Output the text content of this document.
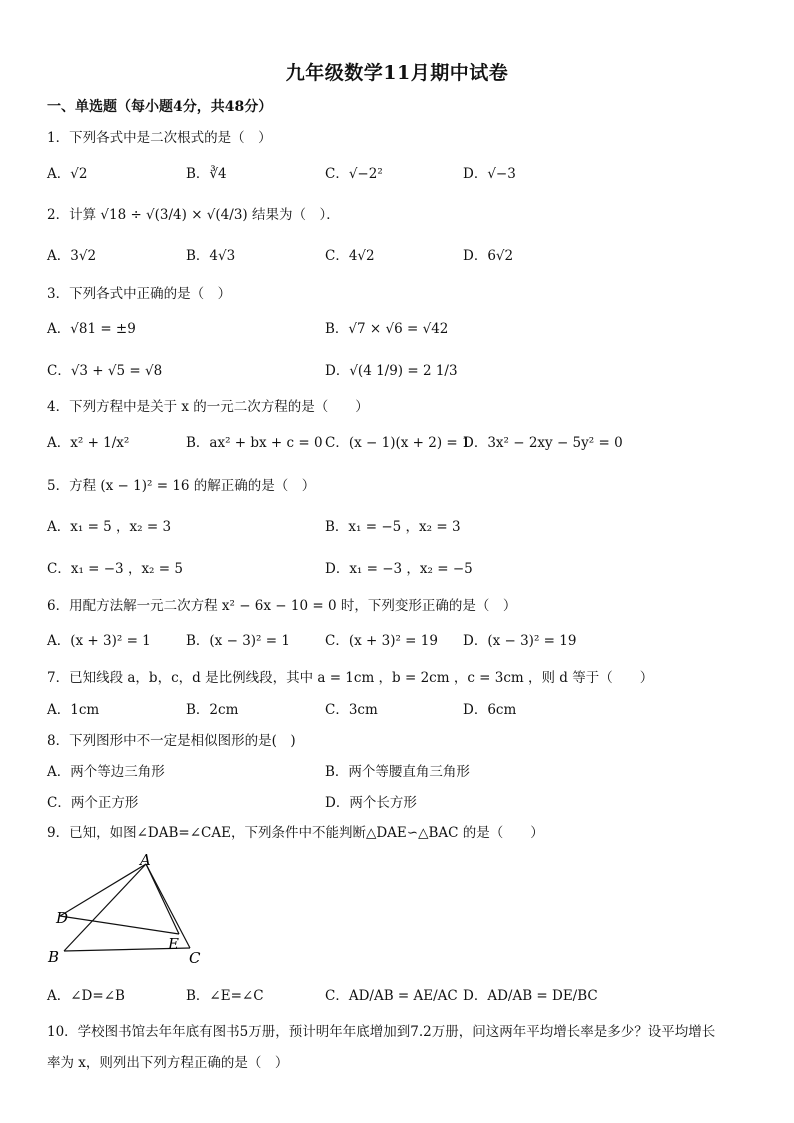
九年级数学11月期中试卷
一、单选题（每小题4分，共48分）
1．下列各式中是二次根式的是（　）
A．√2	B．∛4	C．√−2²	D．√−3
2．计算 √18 ÷ √(3/4) × √(4/3) 结果为（　）．
A．3√2	B．4√3	C．4√2	D．6√2
3．下列各式中正确的是（　）
A．√81 = ±9	B．√7 × √6 = √42
C．√3 + √5 = √8	D．√(4 1/9) = 2 1/3
4．下列方程中是关于 x 的一元二次方程的是（　　）
A．x² + 1/x²	B．ax² + bx + c = 0 C．(x − 1)(x + 2) = 1
D．3x² − 2xy − 5y² = 0
5．方程 (x − 1)² = 16 的解正确的是（　）
A．x₁ = 5 ，x₂ = 3	B．x₁ = −5 ，x₂ = 3
C．x₁ = −3 ，x₂ = 5	D．x₁ = −3 ，x₂ = −5
6．用配方法解一元二次方程 x² − 6x − 10 = 0 时，下列变形正确的是（　）
A．(x + 3)² = 1	B．(x − 3)² = 1	C．(x + 3)² = 19 D．(x − 3)² = 19
7．已知线段 a，b，c，d 是比例线段，其中 a = 1cm ，b = 2cm ，c = 3cm ，则 d 等于（　　）
A．1cm	B．2cm	C．3cm	D．6cm
8．下列图形中不一定是相似图形的是(　)
A．两个等边三角形	B．两个等腰直角三角形
C．两个正方形	D．两个长方形
9．已知，如图∠DAB=∠CAE，下列条件中不能判断△DAE∽△BAC 的是（　　）
A
B	C
D
E
A．∠D=∠B	B．∠E=∠C	C．AD/AB = AE/AC D．AD/AB = DE/BC
10．学校图书馆去年年底有图书5万册，预计明年年底增加到7.2万册，问这两年平均增长率是多少？设平均增长
率为 x，则列出下列方程正确的是（　）
